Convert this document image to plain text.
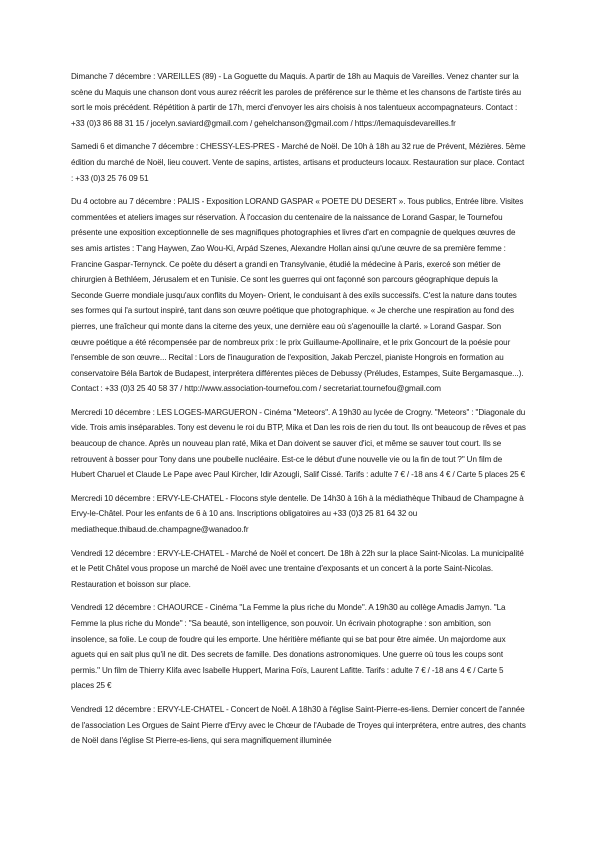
Dimanche 7 décembre : VAREILLES (89) - La Goguette du Maquis. A partir de 18h au Maquis de Vareilles. Venez chanter sur la scène du Maquis une chanson dont vous aurez réécrit les paroles de préférence sur le thème et les chansons de l'artiste tirés au sort le mois précédent. Répétition à partir de 17h, merci d'envoyer les airs choisis à nos talentueux accompagnateurs. Contact : +33 (0)3 86 88 31 15 / jocelyn.saviard@gmail.com / gehelchanson@gmail.com / https://lemaquisdevareilles.fr

Samedi 6 et dimanche 7 décembre : CHESSY-LES-PRES - Marché de Noël. De 10h à 18h au 32 rue de Prévent, Mézières. 5ème édition du marché de Noël, lieu couvert. Vente de sapins, artistes, artisans et producteurs locaux. Restauration sur place. Contact : +33 (0)3 25 76 09 51

Du 4 octobre au 7 décembre : PALIS - Exposition LORAND GASPAR « POETE DU DESERT ». Tous publics, Entrée libre. Visites commentées et ateliers images sur réservation. À l'occasion du centenaire de la naissance de Lorand Gaspar, le Tournefou présente une exposition exceptionnelle de ses magnifiques photographies et livres d'art en compagnie de quelques œuvres de ses amis artistes : T'ang Haywen, Zao Wou-Ki, Arpád Szenes, Alexandre Hollan ainsi qu'une œuvre de sa première femme : Francine Gaspar-Ternynck. Ce poète du désert a grandi en Transylvanie, étudié la médecine à Paris, exercé son métier de chirurgien à Bethléem, Jérusalem et en Tunisie. Ce sont les guerres qui ont façonné son parcours géographique depuis la Seconde Guerre mondiale jusqu'aux conflits du Moyen- Orient, le conduisant à des exils successifs. C'est la nature dans toutes ses formes qui l'a surtout inspiré, tant dans son œuvre poétique que photographique. « Je cherche une respiration au fond des pierres, une fraîcheur qui monte dans la citerne des yeux, une dernière eau où s'agenouille la clarté. » Lorand Gaspar. Son œuvre poétique a été récompensée par de nombreux prix : le prix Guillaume-Apollinaire, et le prix Goncourt de la poésie pour l'ensemble de son œuvre... Recital : Lors de l'inauguration de l'exposition, Jakab Perczel, pianiste Hongrois en formation au conservatoire Béla Bartok de Budapest, interprétera différentes pièces de Debussy (Préludes, Estampes, Suite Bergamasque...). Contact : +33 (0)3 25 40 58 37 / http://www.association-tournefou.com / secretariat.tournefou@gmail.com

Mercredi 10 décembre : LES LOGES-MARGUERON - Cinéma "Meteors". A 19h30 au lycée de Crogny. "Meteors" : "Diagonale du vide. Trois amis inséparables. Tony est devenu le roi du BTP, Mika et Dan les rois de rien du tout. Ils ont beaucoup de rêves et pas beaucoup de chance. Après un nouveau plan raté, Mika et Dan doivent se sauver d'ici, et même se sauver tout court. Ils se retrouvent à bosser pour Tony dans une poubelle nucléaire. Est-ce le début d'une nouvelle vie ou la fin de tout ?" Un film de Hubert Charuel et Claude Le Pape avec Paul Kircher, Idir Azougli, Salif Cissé. Tarifs : adulte 7 € / -18 ans 4 € / Carte 5 places 25 €

Mercredi 10 décembre : ERVY-LE-CHATEL - Flocons style dentelle. De 14h30 à 16h à la médiathèque Thibaud de Champagne à Ervy-le-Châtel. Pour les enfants de 6 à 10 ans. Inscriptions obligatoires au +33 (0)3 25 81 64 32 ou mediatheque.thibaud.de.champagne@wanadoo.fr

Vendredi 12 décembre : ERVY-LE-CHATEL - Marché de Noël et concert. De 18h à 22h sur la place Saint-Nicolas. La municipalité et le Petit Châtel vous propose un marché de Noël avec une trentaine d'exposants et un concert à la porte Saint-Nicolas. Restauration et boisson sur place.

Vendredi 12 décembre : CHAOURCE - Cinéma "La Femme la plus riche du Monde". A 19h30 au collège Amadis Jamyn. "La Femme la plus riche du Monde" : "Sa beauté, son intelligence, son pouvoir. Un écrivain photographe : son ambition, son insolence, sa folie. Le coup de foudre qui les emporte. Une héritière méfiante qui se bat pour être aimée. Un majordome aux aguets qui en sait plus qu'il ne dit. Des secrets de famille. Des donations astronomiques. Une guerre où tous les coups sont permis." Un film de Thierry Klifa avec Isabelle Huppert, Marina Foïs, Laurent Lafitte. Tarifs : adulte 7 € / -18 ans 4 € / Carte 5 places 25 €

Vendredi 12 décembre : ERVY-LE-CHATEL - Concert de Noël. A 18h30 à l'église Saint-Pierre-es-liens. Dernier concert de l'année de l'association Les Orgues de Saint Pierre d'Ervy avec le Chœur de l'Aubade de Troyes qui interprétera, entre autres, des chants de Noël dans l'église St Pierre-es-liens, qui sera magnifiquement illuminée
